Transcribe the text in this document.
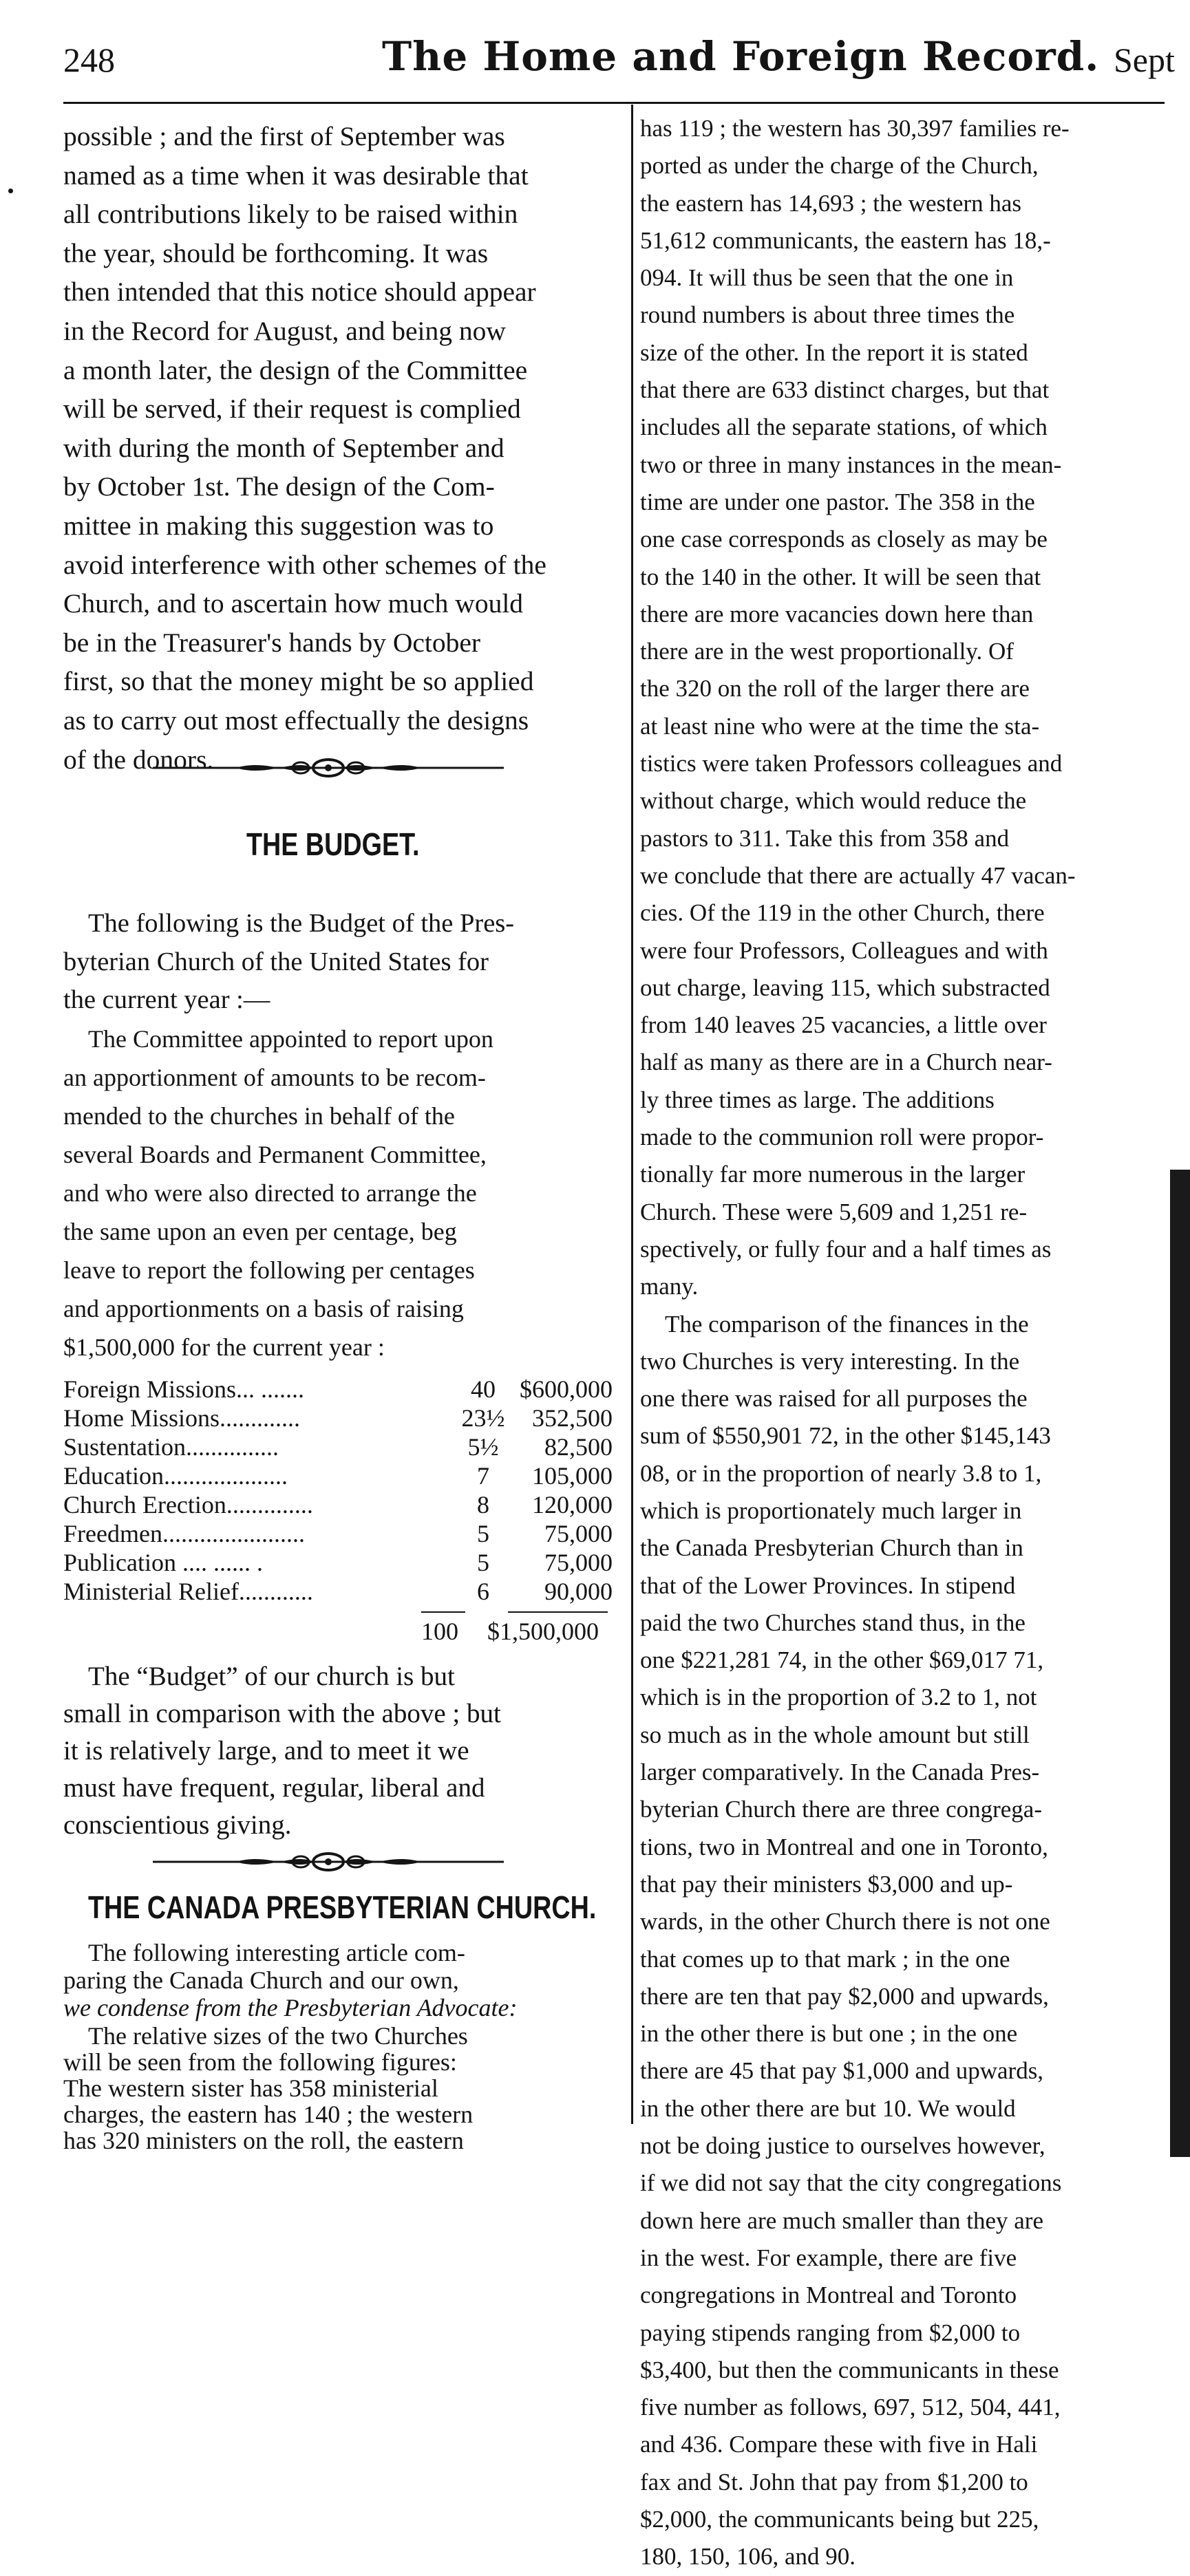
248	The Home and Foreign Record. Sept
possible ; and the first of September was
named as a time when it was desirable that
all contributions likely to be raised within
the year, should be forthcoming. It was
then intended that this notice should appear
in the Record for August, and being now
a month later, the design of the Committee
will be served, if their request is complied
with during the month of September and
by October 1st. The design of the Com-
mittee in making this suggestion was to
avoid interference with other schemes of the
Church, and to ascertain how much would
be in the Treasurer's hands by October
first, so that the money might be so applied
as to carry out most effectually the designs
of the donors.
THE BUDGET.
The following is the Budget of the Pres-
byterian Church of the United States for
the current year :—
The Committee appointed to report upon
an apportionment of amounts to be recom-
mended to the churches in behalf of the
several Boards and Permanent Committee,
and who were also directed to arrange the
the same upon an even per centage, beg
leave to report the following per centages
and apportionments on a basis of raising
$1,500,000 for the current year :
Foreign Missions... .......	40	$600,000
Home Missions.............	23½	352,500
Sustentation...............	5½	82,500
Education....................	7	105,000
Church Erection..............	8	120,000
Freedmen.......................	5	75,000
Publication .... ...... .	5	75,000
Ministerial Relief............	6	90,000
100 $1,500,000
The “Budget” of our church is but
small in comparison with the above ; but
it is relatively large, and to meet it we
must have frequent, regular, liberal and
conscientious giving.
THE CANADA PRESBYTERIAN CHURCH.
The following interesting article com-
paring the Canada Church and our own,
we condense from the Presbyterian Advocate:
The relative sizes of the two Churches
will be seen from the following figures:
The western sister has 358 ministerial
charges, the eastern has 140 ; the western
has 320 ministers on the roll, the eastern
has 119 ; the western has 30,397 families re-
ported as under the charge of the Church,
the eastern has 14,693 ; the western has
51,612 communicants, the eastern has 18,-
094. It will thus be seen that the one in
round numbers is about three times the
size of the other. In the report it is stated
that there are 633 distinct charges, but that
includes all the separate stations, of which
two or three in many instances in the mean-
time are under one pastor. The 358 in the
one case corresponds as closely as may be
to the 140 in the other. It will be seen that
there are more vacancies down here than
there are in the west proportionally. Of
the 320 on the roll of the larger there are
at least nine who were at the time the sta-
tistics were taken Professors colleagues and
without charge, which would reduce the
pastors to 311. Take this from 358 and
we conclude that there are actually 47 vacan-
cies. Of the 119 in the other Church, there
were four Professors, Colleagues and with
out charge, leaving 115, which substracted
from 140 leaves 25 vacancies, a little over
half as many as there are in a Church near-
ly three times as large. The additions
made to the communion roll were propor-
tionally far more numerous in the larger
Church. These were 5,609 and 1,251 re-
spectively, or fully four and a half times as
many.
The comparison of the finances in the
two Churches is very interesting. In the
one there was raised for all purposes the
sum of $550,901 72, in the other $145,143
08, or in the proportion of nearly 3.8 to 1,
which is proportionately much larger in
the Canada Presbyterian Church than in
that of the Lower Provinces. In stipend
paid the two Churches stand thus, in the
one $221,281 74, in the other $69,017 71,
which is in the proportion of 3.2 to 1, not
so much as in the whole amount but still
larger comparatively. In the Canada Pres-
byterian Church there are three congrega-
tions, two in Montreal and one in Toronto,
that pay their ministers $3,000 and up-
wards, in the other Church there is not one
that comes up to that mark ; in the one
there are ten that pay $2,000 and upwards,
in the other there is but one ; in the one
there are 45 that pay $1,000 and upwards,
in the other there are but 10. We would
not be doing justice to ourselves however,
if we did not say that the city congregations
down here are much smaller than they are
in the west. For example, there are five
congregations in Montreal and Toronto
paying stipends ranging from $2,000 to
$3,400, but then the communicants in these
five number as follows, 697, 512, 504, 441,
and 436. Compare these with five in Hali
fax and St. John that pay from $1,200 to
$2,000, the communicants being but 225,
180, 150, 106, and 90.
